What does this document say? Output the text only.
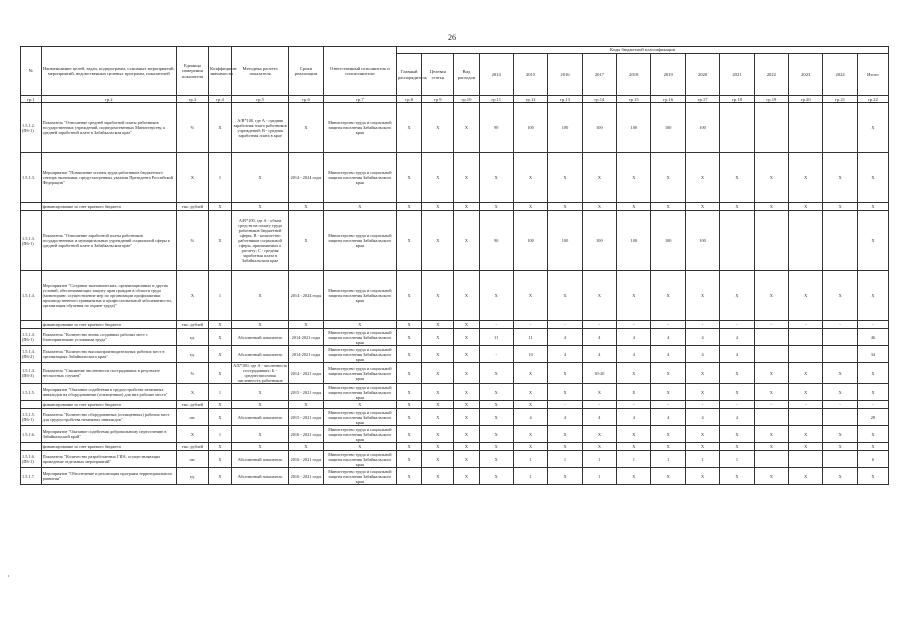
26
·
№	Наименование целей, задач, подпрограмм, основных мероприятий, мероприятий, ведомственных целевых программ, показателей	Единица измерения показателя	Коэффициент значимости	Методика расчета показателя	Сроки реализации	Ответственный исполнитель и соисполнители	Коды бюджетной классификации														
							Главный распорядитель	Целевая статья	Вид расходов	2014	2015	2016	2017	2018	2019	2020	2021	2022	2023	2024	Итого
гр.1	гр.2	гр.3	гр.4	гр.5	гр.6	гр.7	гр.8	гр.9	гр.10	гр.11	гр.12	гр.13	гр.14	гр.15	гр.16	гр.17	гр.18	гр.19	гр.20	гр.21	гр.22
1.5.1.2. (П6-1)	Показатель "Отношение средней заработной платы работников государственных учреждений, подведомственных Министерству, к средней заработной плате в Забайкальском крае"	%	X	А/В*100, где А - средняя заработная плата работников учреждений; В - средняя заработная плата в крае	X	Министерство труда и социальной защиты населения Забайкальского края	X	X	X	90	100	100	100	100	100	100					X
1.5.1.3.	Мероприятие "Повышение оплаты труда работников бюджетного сектора экономики, предусмотренных указами Президента Российской Федерации"	X	1	X	2014 - 2024 годы	Министерство труда и социальной защиты населения Забайкальского края	X	X	X	X	X	X	X	X	X	X	X	X	X	X	X
	финансирование за счет краевого бюджета	тыс. рублей	X	X	X	X	X	X	X	X	X	X	X	X	X	X	X	X	X	X	X
1.5.1.3. (П6-1)	Показатель "Отношение заработной платы работников государственных и муниципальных учреждений социальной сферы к средней заработной плате в Забайкальском крае"	%	X	А/В*100, где А - объем средств на оплату труда работников бюджетной сферы; В - количество работников социальной сферы, принимаемых к расчету; С - средняя заработная плата в Забайкальском крае	X	Министерство труда и социальной защиты населения Забайкальского края	X	X	X	90	100	100	100	100	100	100					X
1.5.1.4.	Мероприятие "Создание экономических, организационных и других условий, обеспечивающих защиту прав граждан в области труда (мониторинг, осуществление мер по организации профилактики производственного травматизма и профессиональной заболеваемости, организация обучения по охране труда)"	X	1	X	2014 - 2024 годы	Министерство труда и социальной защиты населения Забайкальского края	X	X	X	X	X	X	X	X	X	X	X	X	X	X	X
	финансирование за счет краевого бюджета	тыс. рублей	X	X	X	X	X	X	X	-	-	-	-	-	-	-	-	-	-	-	-
1.5.1.4. (П6-1)	Показатель "Количество вновь созданных рабочих мест с благоприятными условиями труда"	ед.	X	Абсолютный показатель	2014-2021 годы	Министерство труда и социальной защиты населения Забайкальского края	X	X	X	11	11	4	4	4	4	4	4				46
1.5.1.4. (П6-2)	Показатель "Количество высокопроизводительных рабочих мест в организациях Забайкальского края"	ед.	X	Абсолютный показатель	2014-2021 годы	Министерство труда и социальной защиты населения Забайкальского края	X	X	X	-	10	4	4	4	4	4	4				34
1.5.1.4. (П6-3)	Показатель "Снижение численности пострадавших в результате несчастных случаев"	%	X	А/Б*100, где А - численность пострадавших; Б - среднесписочная численность работников	2014 - 2021 годы	Министерство труда и социальной защиты населения Забайкальского края	X	X	X	X	X	X	30-20	X	X	X	X	X	X	X	X
1.5.1.5.	Мероприятие "Оказание содействия в трудоустройстве незанятых инвалидов на оборудованные (оснащенные) для них рабочие места"	X	1	X	2015 - 2021 годы	Министерство труда и социальной защиты населения Забайкальского края	X	X	X	X	X	X	X	X	X	X	X	X	X	X	X
	финансирование за счет краевого бюджета	тыс. рублей	X	X	X	X	X	X	X	X	X	-	-	-	-	-	-	-	-	-	-
1.5.1.5. (П6-1)	Показатель "Количество оборудованных (оснащенных) рабочих мест для трудоустройства незанятых инвалидов"	шт.	X	Абсолютный показатель	2015 - 2021 годы	Министерство труда и социальной защиты населения Забайкальского края	X	X	X	X	4	4	4	4	4	4	4				28
1.5.1.6.	Мероприятие "Оказание содействия добровольному переселению в Забайкальский край"	X	1	X	2016 - 2021 годы	Министерство труда и социальной защиты населения Забайкальского края	X	X	X	X	X	X	X	X	X	X	X	X	X	X	X
	финансирование за счет краевого бюджета	тыс. рублей	X	X	X	X	X	X	X	X	X	X	X	X	X	X	X	X	X	X	X
1.5.1.6. (П6-1)	Показатель "Количество разработанных ГИА, осуществляющих проведение отдельных мероприятий"	шт.	X	Абсолютный показатель	2016 - 2021 годы	Министерство труда и социальной защиты населения Забайкальского края	X	X	X	X	1	1	1	1	1	1	1				6
1.5.1.7.	Мероприятие "Обеспечение и реализация программ территориального развития"	ед.	X	Абсолютный показатель	2016 - 2021 годы	Министерство труда и социальной защиты населения Забайкальского края	X	X	X	X	1	X	1	X	X	X	X	X	X	X	X
